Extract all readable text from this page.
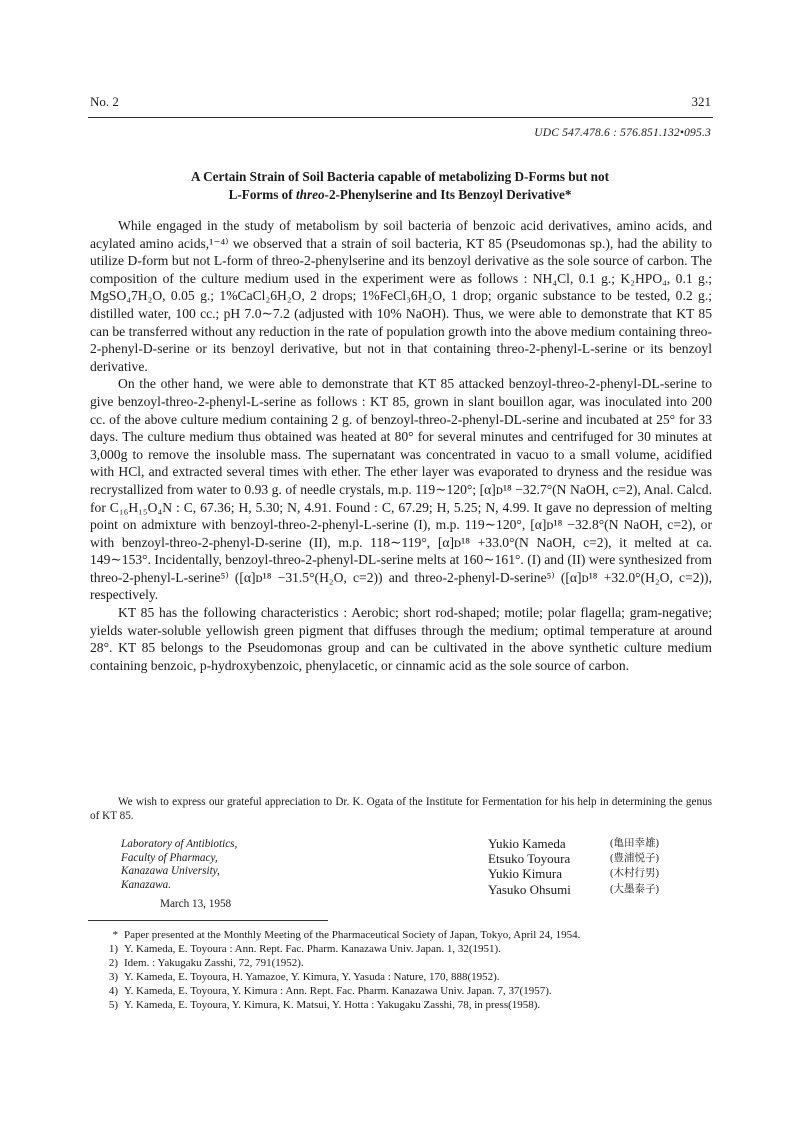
No. 2	321
UDC 547.478.6 : 576.851.132•095.3

A Certain Strain of Soil Bacteria capable of metabolizing D-Forms but not

L-Forms of threo-2-Phenylserine and Its Benzoyl Derivative*

While engaged in the study of metabolism by soil bacteria of benzoic acid derivatives, amino acids, and acylated amino acids,¹⁻⁴⁾ we observed that a strain of soil bacteria, KT 85 (Pseudomonas sp.), had the ability to utilize D-form but not L-form of threo-2-phenylserine and its benzoyl derivative as the sole source of carbon. The composition of the culture medium used in the experiment were as follows : NH₄Cl, 0.1 g.; K₂HPO₄, 0.1 g.; MgSO₄7H₂O, 0.05 g.; 1%CaCl₂6H₂O, 2 drops; 1%FeCl₃6H₂O, 1 drop; organic substance to be tested, 0.2 g.; distilled water, 100 cc.; pH 7.0∼7.2 (adjusted with 10% NaOH). Thus, we were able to demonstrate that KT 85 can be transferred without any reduction in the rate of population growth into the above medium containing threo-2-phenyl-D-serine or its benzoyl derivative, but not in that containing threo-2-phenyl-L-serine or its benzoyl derivative.

On the other hand, we were able to demonstrate that KT 85 attacked benzoyl-threo-2-phenyl-DL-serine to give benzoyl-threo-2-phenyl-L-serine as follows : KT 85, grown in slant bouillon agar, was inoculated into 200 cc. of the above culture medium containing 2 g. of benzoyl-threo-2-phenyl-DL-serine and incubated at 25° for 33 days. The culture medium thus obtained was heated at 80° for several minutes and centrifuged for 30 minutes at 3,000g to remove the insoluble mass. The supernatant was concentrated in vacuo to a small volume, acidified with HCl, and extracted several times with ether. The ether layer was evaporated to dryness and the residue was recrystallized from water to 0.93 g. of needle crystals, m.p. 119∼120°; [α]ᴅ¹⁸ −32.7°(N NaOH, c=2), Anal. Calcd. for C₁₆H₁₅O₄N : C, 67.36; H, 5.30; N, 4.91. Found : C, 67.29; H, 5.25; N, 4.99. It gave no depression of melting point on admixture with benzoyl-threo-2-phenyl-L-serine (I), m.p. 119∼120°, [α]ᴅ¹⁸ −32.8°(N NaOH, c=2), or with benzoyl-threo-2-phenyl-D-serine (II), m.p. 118∼119°, [α]ᴅ¹⁸ +33.0°(N NaOH, c=2), it melted at ca. 149∼153°. Incidentally, benzoyl-threo-2-phenyl-DL-serine melts at 160∼161°. (I) and (II) were synthesized from threo-2-phenyl-L-serine⁵⁾ ([α]ᴅ¹⁸ −31.5°(H₂O, c=2)) and threo-2-phenyl-D-serine⁵⁾ ([α]ᴅ¹⁸ +32.0°(H₂O, c=2)), respectively.

KT 85 has the following characteristics : Aerobic; short rod-shaped; motile; polar flagella; gram-negative; yields water-soluble yellowish green pigment that diffuses through the medium; optimal temperature at around 28°. KT 85 belongs to the Pseudomonas group and can be cultivated in the above synthetic culture medium containing benzoic, p-hydroxybenzoic, phenylacetic, or cinnamic acid as the sole source of carbon.

We wish to express our grateful appreciation to Dr. K. Ogata of the Institute for Fermentation for his help in determining the genus of KT 85.

Laboratory of Antibiotics,
Faculty of Pharmacy,
Kanazawa University,
Kanazawa.
March 13, 1958
Yukio Kameda	(亀田幸雄)
Etsuko Toyoura	(豊浦悦子)
Yukio Kimura	(木村行男)
Yasuko Ohsumi	(大墨泰子)
* Paper presented at the Monthly Meeting of the Pharmaceutical Society of Japan, Tokyo, April 24, 1954.
1) Y. Kameda, E. Toyoura : Ann. Rept. Fac. Pharm. Kanazawa Univ. Japan. 1, 32(1951).
2) Idem. : Yakugaku Zasshi, 72, 791(1952).
3) Y. Kameda, E. Toyoura, H. Yamazoe, Y. Kimura, Y. Yasuda : Nature, 170, 888(1952).
4) Y. Kameda, E. Toyoura, Y. Kimura : Ann. Rept. Fac. Pharm. Kanazawa Univ. Japan. 7, 37(1957).
5) Y. Kameda, E. Toyoura, Y. Kimura, K. Matsui, Y. Hotta : Yakugaku Zasshi, 78, in press(1958).
